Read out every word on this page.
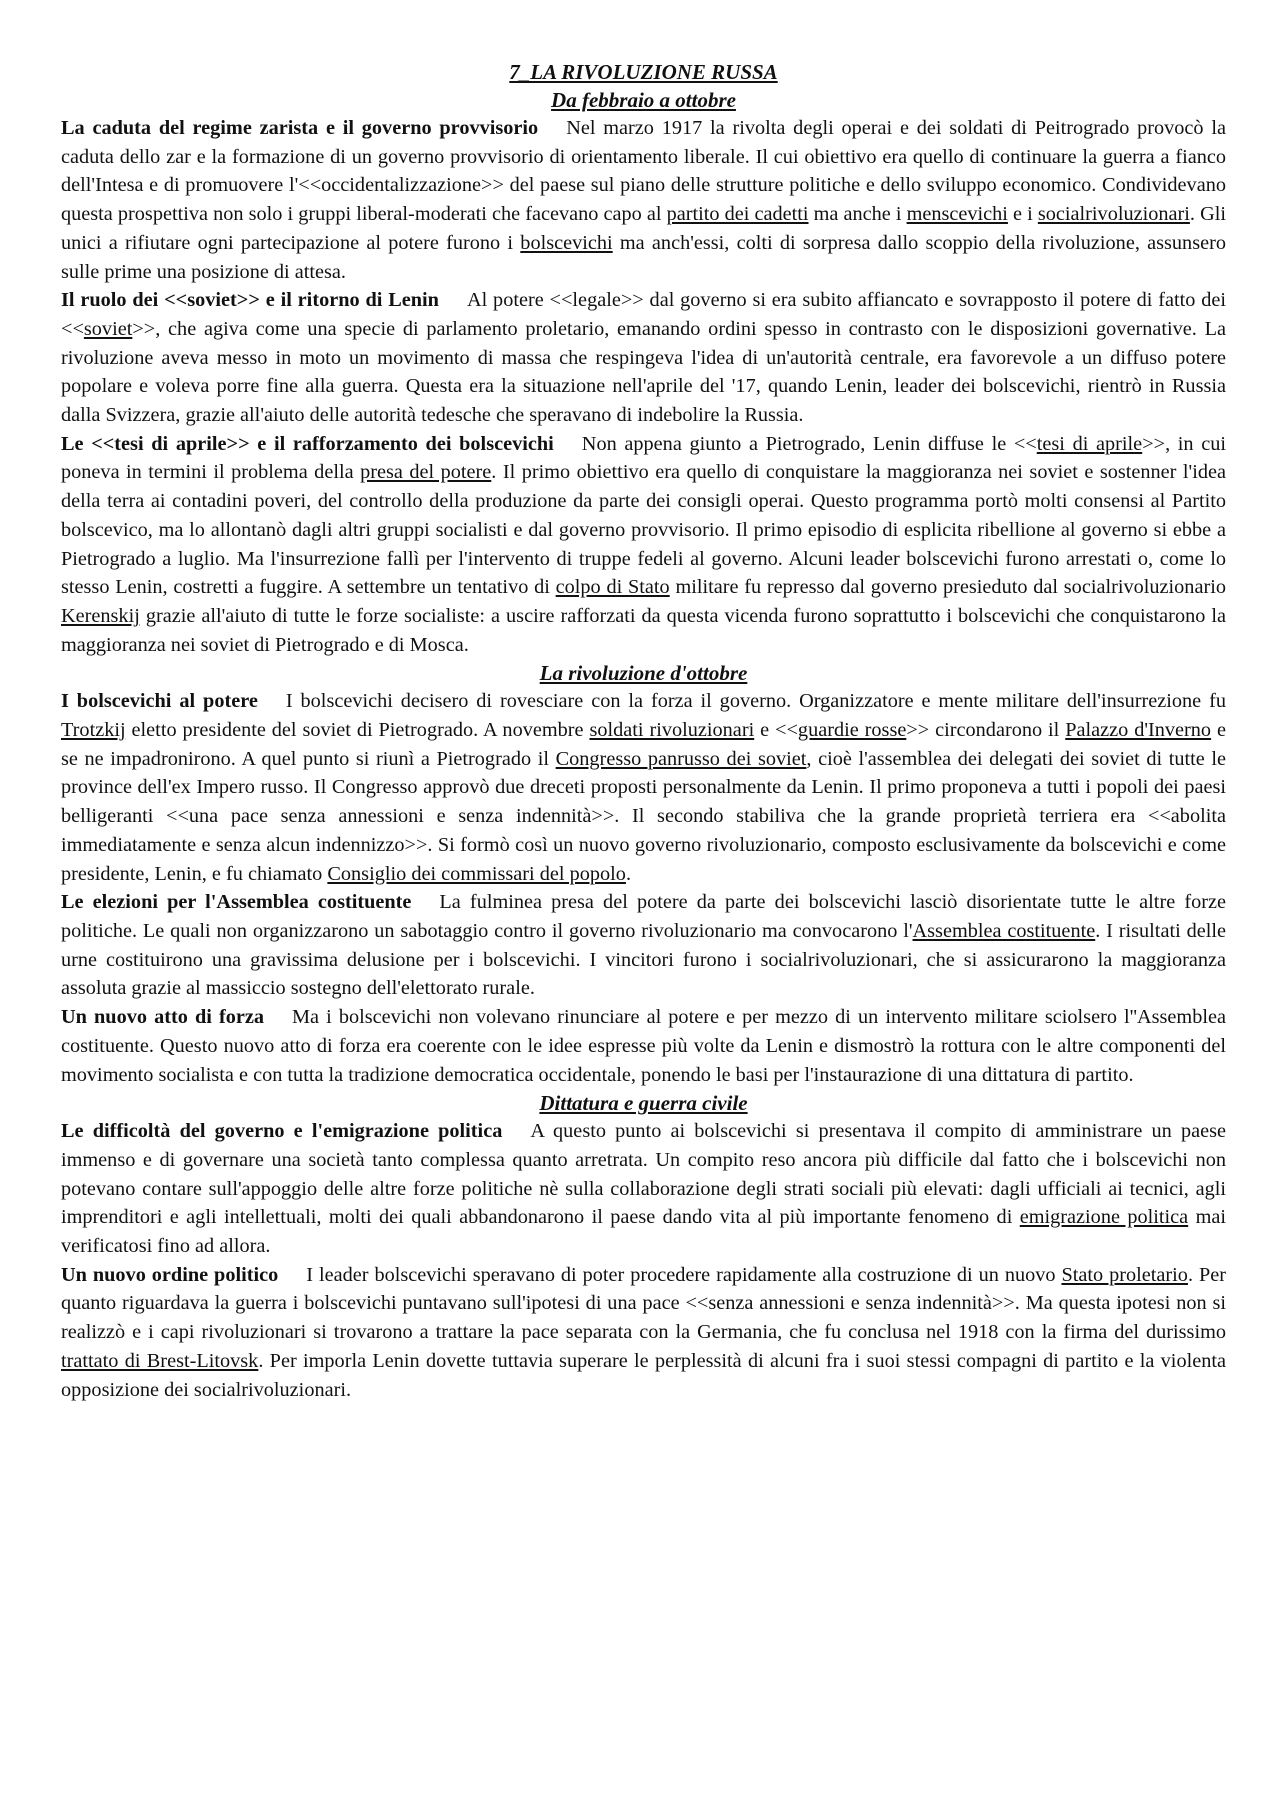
7_LA RIVOLUZIONE RUSSA
Da febbraio a ottobre

La caduta del regime zarista e il governo provvisorio Nel marzo 1917 la rivolta degli operai e dei soldati di Peitrogrado provocò la caduta dello zar e la formazione di un governo provvisorio di orientamento liberale. Il cui obiettivo era quello di continuare la guerra a fianco dell'Intesa e di promuovere l'<<occidentalizzazione>> del paese sul piano delle strutture politiche e dello sviluppo economico. Condividevano questa prospettiva non solo i gruppi liberal-moderati che facevano capo al partito dei cadetti ma anche i menscevichi e i socialrivoluzionari. Gli unici a rifiutare ogni partecipazione al potere furono i bolscevichi ma anch'essi, colti di sorpresa dallo scoppio della rivoluzione, assunsero sulle prime una posizione di attesa.

Il ruolo dei <<soviet>> e il ritorno di Lenin Al potere <<legale>> dal governo si era subito affiancato e sovrapposto il potere di fatto dei <<soviet>>, che agiva come una specie di parlamento proletario, emanando ordini spesso in contrasto con le disposizioni governative. La rivoluzione aveva messo in moto un movimento di massa che respingeva l'idea di un'autorità centrale, era favorevole a un diffuso potere popolare e voleva porre fine alla guerra. Questa era la situazione nell'aprile del '17, quando Lenin, leader dei bolscevichi, rientrò in Russia dalla Svizzera, grazie all'aiuto delle autorità tedesche che speravano di indebolire la Russia.

Le <<tesi di aprile>> e il rafforzamento dei bolscevichi Non appena giunto a Pietrogrado, Lenin diffuse le <<tesi di aprile>>, in cui poneva in termini il problema della presa del potere. Il primo obiettivo era quello di conquistare la maggioranza nei soviet e sostenner l'idea della terra ai contadini poveri, del controllo della produzione da parte dei consigli operai. Questo programma portò molti consensi al Partito bolscevico, ma lo allontanò dagli altri gruppi socialisti e dal governo provvisorio. Il primo episodio di esplicita ribellione al governo si ebbe a Pietrogrado a luglio. Ma l'insurrezione fallì per l'intervento di truppe fedeli al governo. Alcuni leader bolscevichi furono arrestati o, come lo stesso Lenin, costretti a fuggire. A settembre un tentativo di colpo di Stato militare fu represso dal governo presieduto dal socialrivoluzionario Kerenskij grazie all'aiuto di tutte le forze socialiste: a uscire rafforzati da questa vicenda furono soprattutto i bolscevichi che conquistarono la maggioranza nei soviet di Pietrogrado e di Mosca.

La rivoluzione d'ottobre

I bolscevichi al potere I bolscevichi decisero di rovesciare con la forza il governo. Organizzatore e mente militare dell'insurrezione fu Trotzkij eletto presidente del soviet di Pietrogrado. A novembre soldati rivoluzionari e <<guardie rosse>> circondarono il Palazzo d'Inverno e se ne impadronirono. A quel punto si riunì a Pietrogrado il Congresso panrusso dei soviet, cioè l'assemblea dei delegati dei soviet di tutte le province dell'ex Impero russo. Il Congresso approvò due dreceti proposti personalmente da Lenin. Il primo proponeva a tutti i popoli dei paesi belligeranti <<una pace senza annessioni e senza indennità>>. Il secondo stabiliva che la grande proprietà terriera era <<abolita immediatamente e senza alcun indennizzo>>. Si formò così un nuovo governo rivoluzionario, composto esclusivamente da bolscevichi e come presidente, Lenin, e fu chiamato Consiglio dei commissari del popolo.

Le elezioni per l'Assemblea costituente La fulminea presa del potere da parte dei bolscevichi lasciò disorientate tutte le altre forze politiche. Le quali non organizzarono un sabotaggio contro il governo rivoluzionario ma convocarono l'Assemblea costituente. I risultati delle urne costituirono una gravissima delusione per i bolscevichi. I vincitori furono i socialrivoluzionari, che si assicurarono la maggioranza assoluta grazie al massiccio sostegno dell'elettorato rurale.

Un nuovo atto di forza Ma i bolscevichi non volevano rinunciare al potere e per mezzo di un intervento militare sciolsero l''Assemblea costituente. Questo nuovo atto di forza era coerente con le idee espresse più volte da Lenin e dismostrò la rottura con le altre componenti del movimento socialista e con tutta la tradizione democratica occidentale, ponendo le basi per l'instaurazione di una dittatura di partito.

Dittatura e guerra civile

Le difficoltà del governo e l'emigrazione politica A questo punto ai bolscevichi si presentava il compito di amministrare un paese immenso e di governare una società tanto complessa quanto arretrata. Un compito reso ancora più difficile dal fatto che i bolscevichi non potevano contare sull'appoggio delle altre forze politiche nè sulla collaborazione degli strati sociali più elevati: dagli ufficiali ai tecnici, agli imprenditori e agli intellettuali, molti dei quali abbandonarono il paese dando vita al più importante fenomeno di emigrazione politica mai verificatosi fino ad allora.

Un nuovo ordine politico I leader bolscevichi speravano di poter procedere rapidamente alla costruzione di un nuovo Stato proletario. Per quanto riguardava la guerra i bolscevichi puntavano sull'ipotesi di una pace <<senza annessioni e senza indennità>>. Ma questa ipotesi non si realizzò e i capi rivoluzionari si trovarono a trattare la pace separata con la Germania, che fu conclusa nel 1918 con la firma del durissimo trattato di Brest-Litovsk. Per imporla Lenin dovette tuttavia superare le perplessità di alcuni fra i suoi stessi compagni di partito e la violenta opposizione dei socialrivoluzionari.
